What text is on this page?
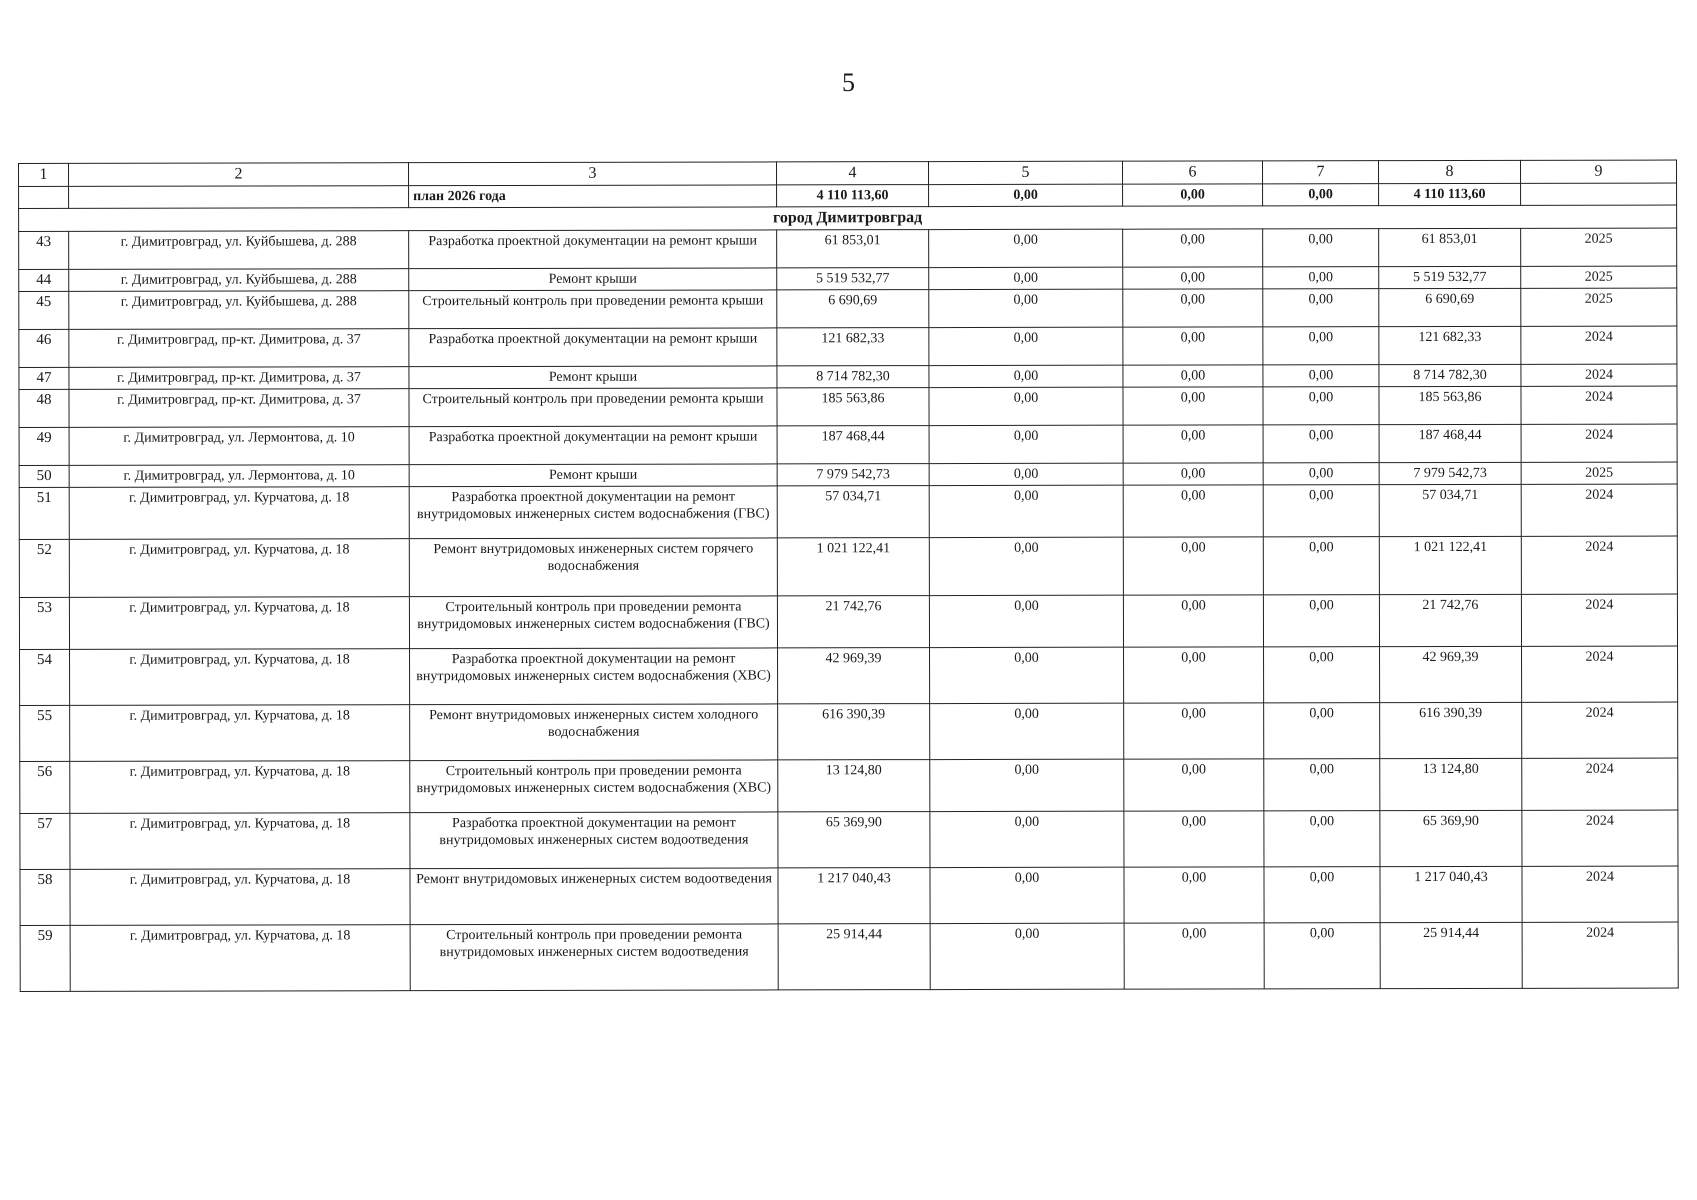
5
1	2	3	4	5	6	7	8	9
		план 2026 года	4 110 113,60	0,00	0,00	0,00	4 110 113,60	
город Димитровград								
43	г. Димитровград, ул. Куйбышева, д. 288	Разработка проектной документации на ремонт крыши	61 853,01	0,00	0,00	0,00	61 853,01	2025
44	г. Димитровград, ул. Куйбышева, д. 288	Ремонт крыши	5 519 532,77	0,00	0,00	0,00	5 519 532,77	2025
45	г. Димитровград, ул. Куйбышева, д. 288	Строительный контроль при проведении ремонта крыши	6 690,69	0,00	0,00	0,00	6 690,69	2025
46	г. Димитровград, пр-кт. Димитрова, д. 37	Разработка проектной документации на ремонт крыши	121 682,33	0,00	0,00	0,00	121 682,33	2024
47	г. Димитровград, пр-кт. Димитрова, д. 37	Ремонт крыши	8 714 782,30	0,00	0,00	0,00	8 714 782,30	2024
48	г. Димитровград, пр-кт. Димитрова, д. 37	Строительный контроль при проведении ремонта крыши	185 563,86	0,00	0,00	0,00	185 563,86	2024
49	г. Димитровград, ул. Лермонтова, д. 10	Разработка проектной документации на ремонт крыши	187 468,44	0,00	0,00	0,00	187 468,44	2024
50	г. Димитровград, ул. Лермонтова, д. 10	Ремонт крыши	7 979 542,73	0,00	0,00	0,00	7 979 542,73	2025
51	г. Димитровград, ул. Курчатова, д. 18	Разработка проектной документации на ремонт внутридомовых инженерных систем водоснабжения (ГВС)	57 034,71	0,00	0,00	0,00	57 034,71	2024
52	г. Димитровград, ул. Курчатова, д. 18	Ремонт внутридомовых инженерных систем горячего водоснабжения	1 021 122,41	0,00	0,00	0,00	1 021 122,41	2024
53	г. Димитровград, ул. Курчатова, д. 18	Строительный контроль при проведении ремонта внутридомовых инженерных систем водоснабжения (ГВС)	21 742,76	0,00	0,00	0,00	21 742,76	2024
54	г. Димитровград, ул. Курчатова, д. 18	Разработка проектной документации на ремонт внутридомовых инженерных систем водоснабжения (ХВС)	42 969,39	0,00	0,00	0,00	42 969,39	2024
55	г. Димитровград, ул. Курчатова, д. 18	Ремонт внутридомовых инженерных систем холодного водоснабжения	616 390,39	0,00	0,00	0,00	616 390,39	2024
56	г. Димитровград, ул. Курчатова, д. 18	Строительный контроль при проведении ремонта внутридомовых инженерных систем водоснабжения (ХВС)	13 124,80	0,00	0,00	0,00	13 124,80	2024
57	г. Димитровград, ул. Курчатова, д. 18	Разработка проектной документации на ремонт внутридомовых инженерных систем водоотведения	65 369,90	0,00	0,00	0,00	65 369,90	2024
58	г. Димитровград, ул. Курчатова, д. 18	Ремонт внутридомовых инженерных систем водоотведения	1 217 040,43	0,00	0,00	0,00	1 217 040,43	2024
59	г. Димитровград, ул. Курчатова, д. 18	Строительный контроль при проведении ремонта внутридомовых инженерных систем водоотведения	25 914,44	0,00	0,00	0,00	25 914,44	2024
